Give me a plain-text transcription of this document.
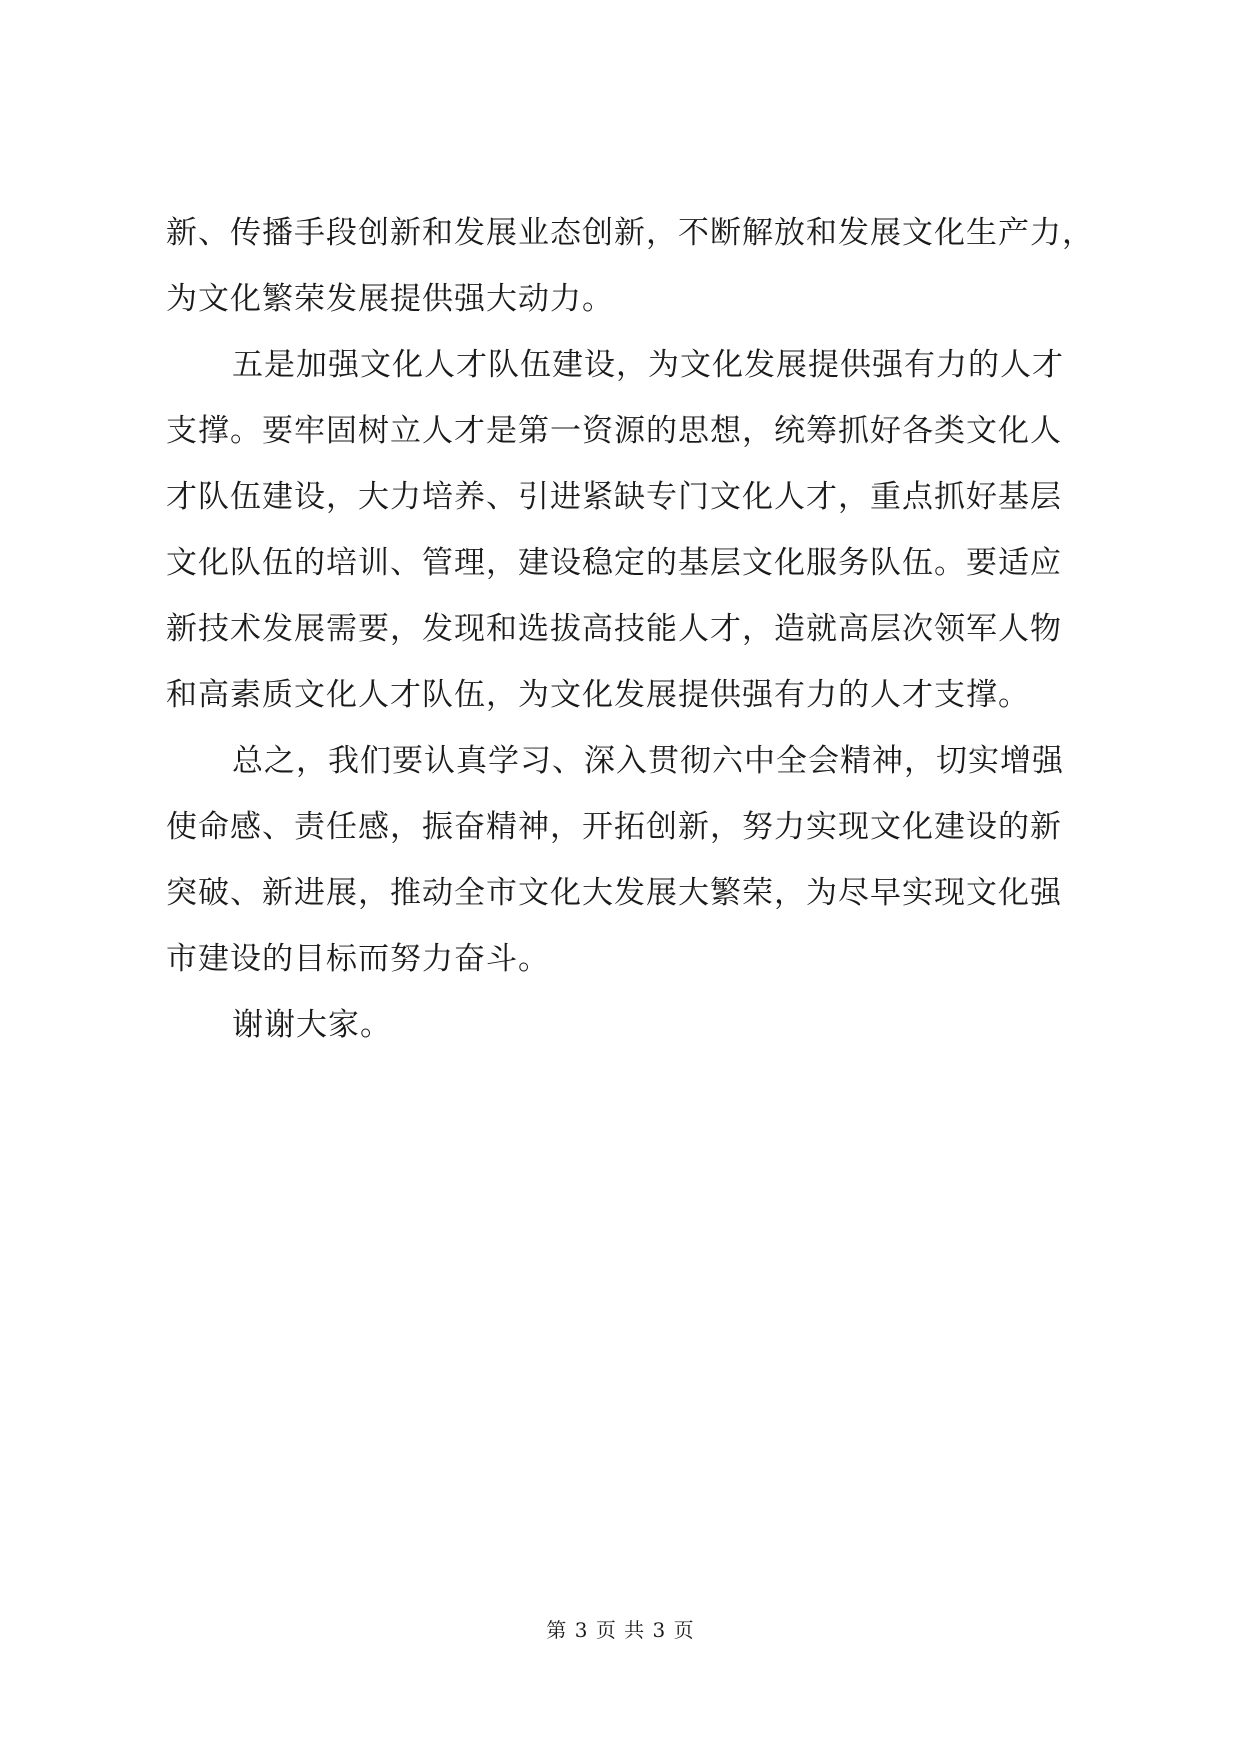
新、传播手段创新和发展业态创新，不断解放和发展文化生产力，
为文化繁荣发展提供强大动力。

五是加强文化人才队伍建设，为文化发展提供强有力的人才
支撑。要牢固树立人才是第一资源的思想，统筹抓好各类文化人
才队伍建设，大力培养、引进紧缺专门文化人才，重点抓好基层
文化队伍的培训、管理，建设稳定的基层文化服务队伍。要适应
新技术发展需要，发现和选拔高技能人才，造就高层次领军人物
和高素质文化人才队伍，为文化发展提供强有力的人才支撑。

总之，我们要认真学习、深入贯彻六中全会精神，切实增强
使命感、责任感，振奋精神，开拓创新，努力实现文化建设的新
突破、新进展，推动全市文化大发展大繁荣，为尽早实现文化强
市建设的目标而努力奋斗。

谢谢大家。

第 3 页 共 3 页
